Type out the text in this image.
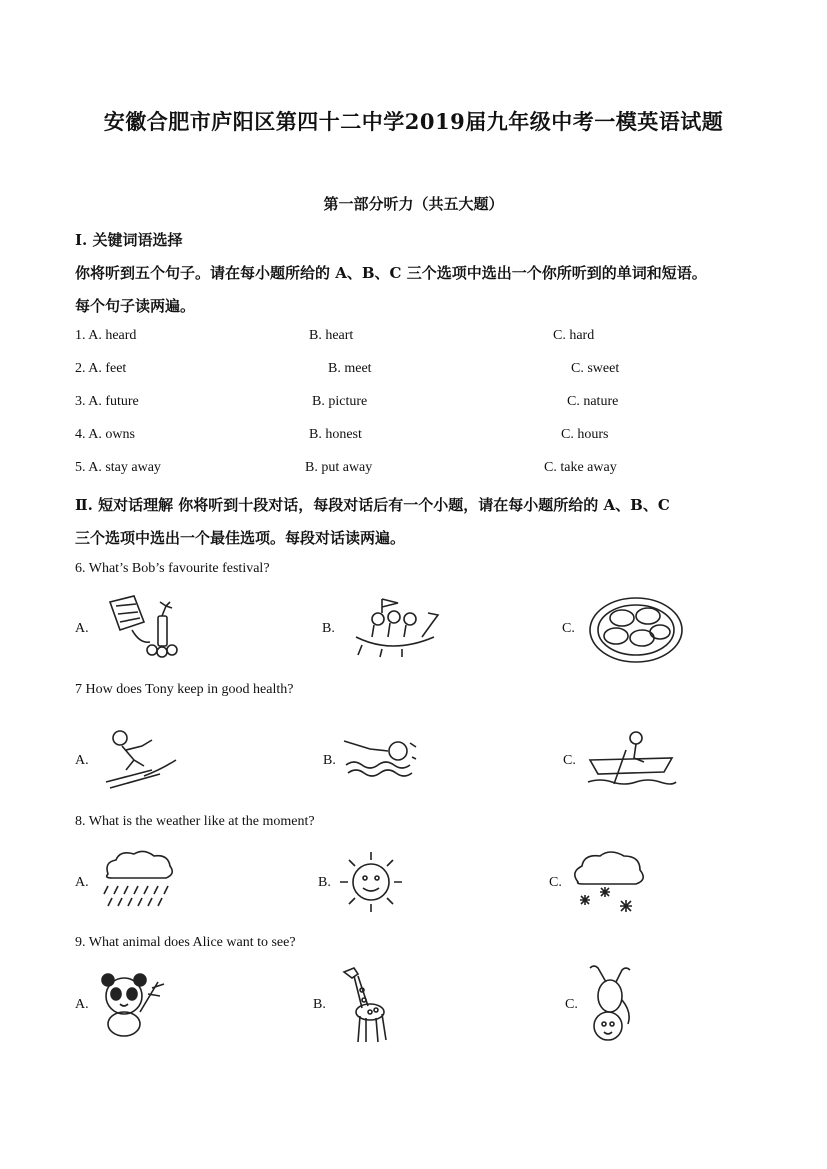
安徽合肥市庐阳区第四十二中学2019届九年级中考一模英语试题
第一部分听力（共五大题）
Ⅰ. 关键词语选择
你将听到五个句子。请在每小题所给的 A、B、C 三个选项中选出一个你所听到的单词和短语。
每个句子读两遍。
1. A. heard	B. heart	C. hard
2. A. feet	B. meet	C. sweet
3. A. future	B. picture	C. nature
4. A. owns	B. honest	C. hours
5. A. stay away	B. put away	C. take away
Ⅱ. 短对话理解 你将听到十段对话，每段对话后有一个小题，请在每小题所给的 A、B、C
三个选项中选出一个最佳选项。每段对话读两遍。
6. What’s Bob’s favourite festival?
A.	B.	C.
7 How does Tony keep in good health?
A.	B.	C.
8. What is the weather like at the moment?
A.	B.	C.
9. What animal does Alice want to see?
A.	B.	C.
